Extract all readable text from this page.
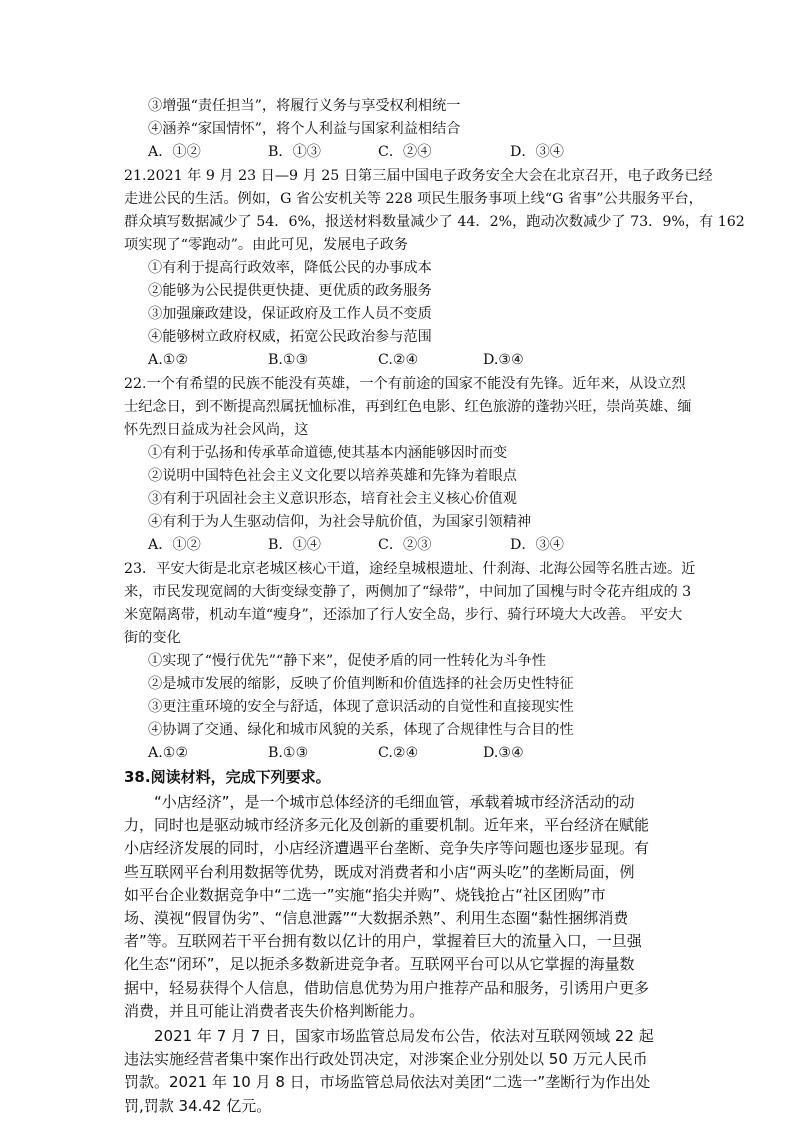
③增强“责任担当”，将履行义务与享受权利相统一
④涵养“家国情怀”，将个人利益与国家利益相结合
A．①②	B．①③	C．②④	D．③④
21.2021 年 9 月 23 日—9 月 25 日第三届中国电子政务安全大会在北京召开，电子政务已经
走进公民的生活。例如，G 省公安机关等 228 项民生服务事项上线“G 省事”公共服务平台，
群众填写数据减少了 54．6%，报送材料数量减少了 44．2%，跑动次数减少了 73．9%，有 162
项实现了“零跑动”。由此可见，发展电子政务
①有利于提高行政效率，降低公民的办事成本
②能够为公民提供更快捷、更优质的政务服务
③加强廉政建设，保证政府及工作人员不变质
④能够树立政府权威，拓宽公民政治参与范围
A.①②	B.①③	C.②④	D.③④
22.一个有希望的民族不能没有英雄，一个有前途的国家不能没有先锋。近年来，从设立烈
士纪念日，到不断提高烈属抚恤标准，再到红色电影、红色旅游的蓬勃兴旺，崇尚英雄、缅
怀先烈日益成为社会风尚，这
①有利于弘扬和传承革命道德,使其基本内涵能够因时而变
②说明中国特色社会主义文化要以培养英雄和先锋为着眼点
③有利于巩固社会主义意识形态，培育社会主义核心价值观
④有利于为人生驱动信仰，为社会导航价值，为国家引领精神
A．①②	B．①④	C．②③	D．③④
23．平安大街是北京老城区核心干道，途经皇城根遗址、什刹海、北海公园等名胜古迹。近
来，市民发现宽阔的大街变绿变静了，两侧加了“绿带”，中间加了国槐与时令花卉组成的 3
米宽隔离带，机动车道“瘦身”，还添加了行人安全岛，步行、骑行环境大大改善。 平安大
街的变化
①实现了“慢行优先”“静下来”，促使矛盾的同一性转化为斗争性
②是城市发展的缩影，反映了价值判断和价值选择的社会历史性特征
③更注重环境的安全与舒适，体现了意识活动的自觉性和直接现实性
④协调了交通、绿化和城市风貌的关系，体现了合规律性与合目的性
A.①②	B.①③	C.②④	D.③④
38.阅读材料，完成下列要求。
　　“小店经济”，是一个城市总体经济的毛细血管，承载着城市经济活动的动
力，同时也是驱动城市经济多元化及创新的重要机制。近年来，平台经济在赋能
小店经济发展的同时，小店经济遭遇平台垄断、竞争失序等问题也逐步显现。有
些互联网平台利用数据等优势，既成对消费者和小店“两头吃”的垄断局面，例
如平台企业数据竞争中“二选一”实施“掐尖并购”、烧钱抢占“社区团购”市
场、漠视“假冒伪劣”、“信息泄露”“大数据杀熟”、利用生态圈“黏性捆绑消费
者”等。互联网若干平台拥有数以亿计的用户，掌握着巨大的流量入口，一旦强
化生态“闭环”，足以扼杀多数新进竞争者。互联网平台可以从它掌握的海量数
据中，轻易获得个人信息，借助信息优势为用户推荐产品和服务，引诱用户更多
消费，并且可能让消费者丧失价格判断能力。
　　2021 年 7 月 7 日，国家市场监管总局发布公告，依法对互联网领域 22 起
违法实施经营者集中案作出行政处罚决定，对涉案企业分别处以 50 万元人民币
罚款。2021 年 10 月 8 日，市场监管总局依法对美团“二选一”垄断行为作出处
罚,罚款 34.42 亿元。
